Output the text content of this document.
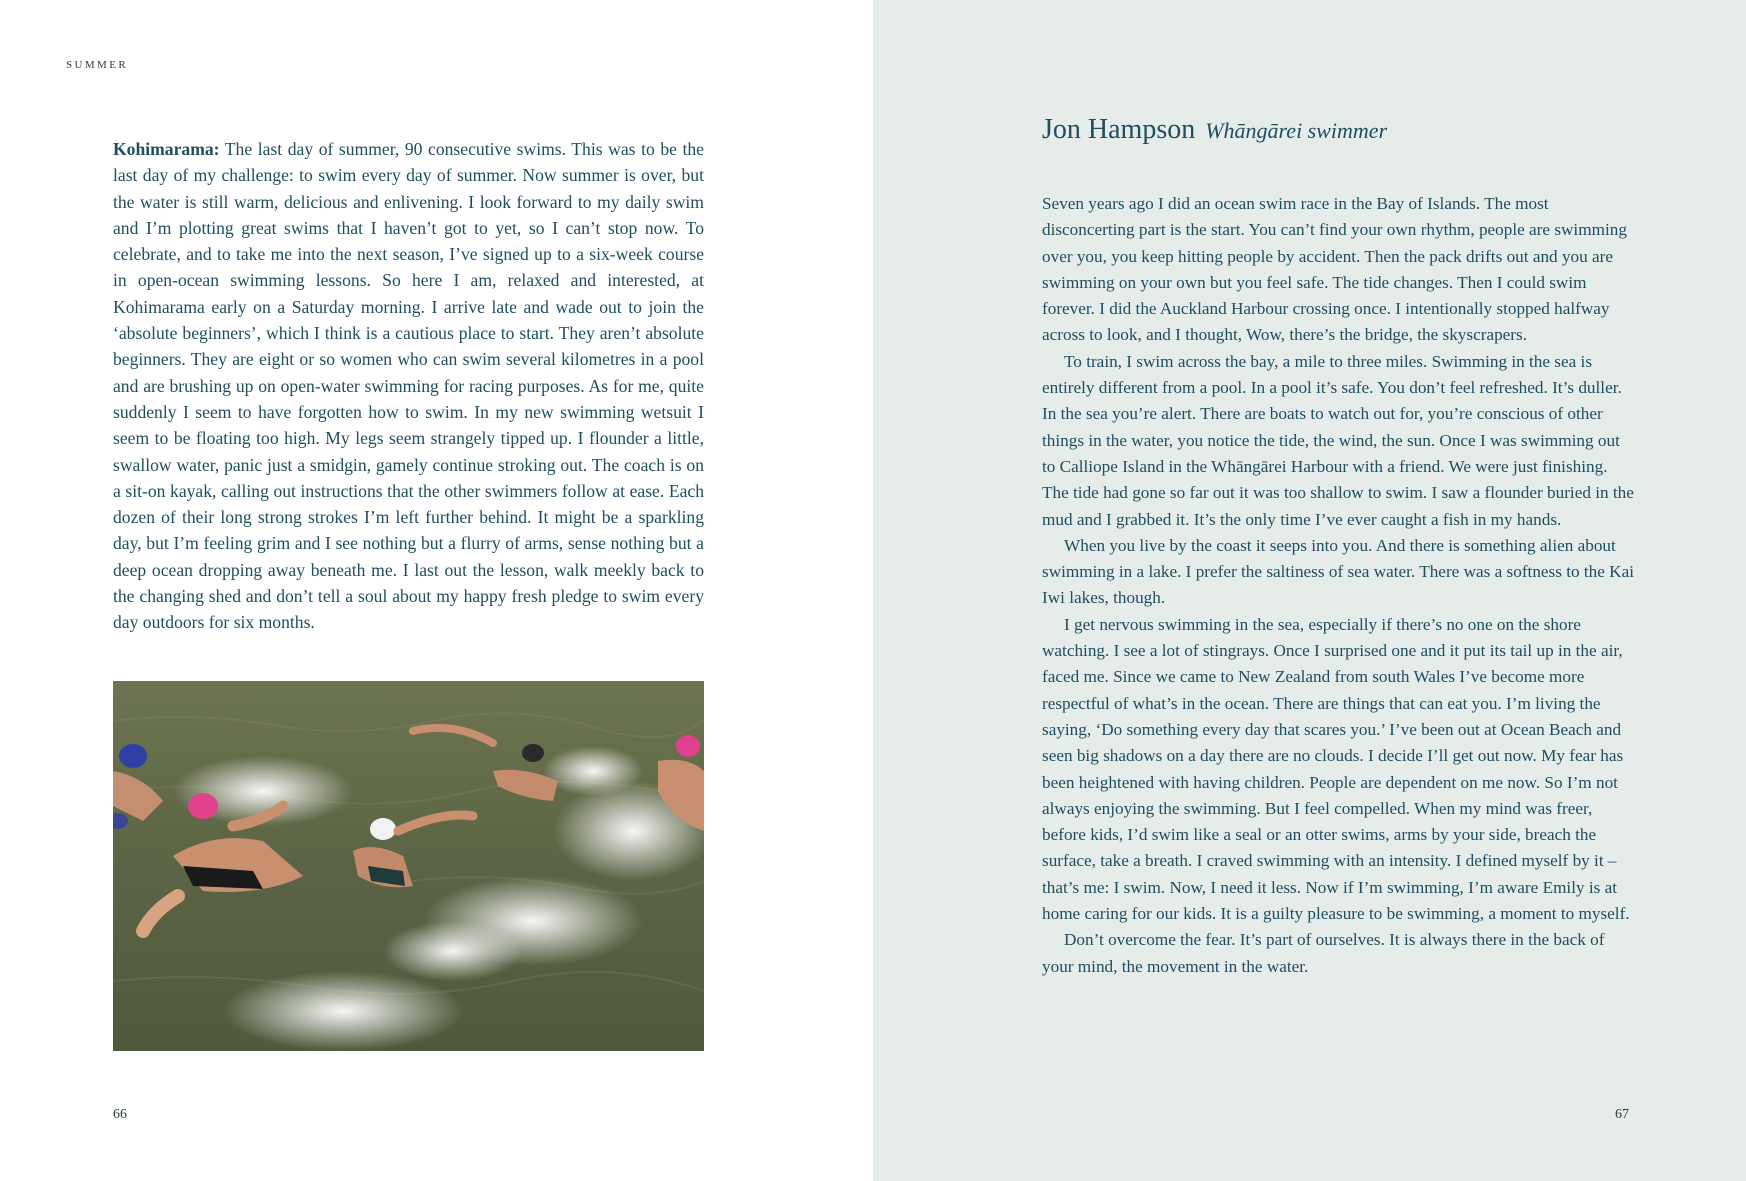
SUMMER
Kohimarama: The last day of summer, 90 consecutive swims. This was to be the last day of my challenge: to swim every day of summer. Now summer is over, but the water is still warm, delicious and enlivening. I look forward to my daily swim and I’m plotting great swims that I haven’t got to yet, so I can’t stop now. To celebrate, and to take me into the next season, I’ve signed up to a six-week course in open-ocean swimming lessons. So here I am, relaxed and interested, at Kohimarama early on a Saturday morning. I arrive late and wade out to join the ‘absolute beginners’, which I think is a cautious place to start. They aren’t absolute beginners. They are eight or so women who can swim several kilometres in a pool and are brushing up on open-water swimming for racing purposes. As for me, quite suddenly I seem to have forgotten how to swim. In my new swimming wetsuit I seem to be floating too high. My legs seem strangely tipped up. I flounder a little, swallow water, panic just a smidgin, gamely continue stroking out. The coach is on a sit-on kayak, calling out instructions that the other swimmers follow at ease. Each dozen of their long strong strokes I’m left further behind. It might be a sparkling day, but I’m feeling grim and I see nothing but a flurry of arms, sense nothing but a deep ocean dropping away beneath me. I last out the lesson, walk meekly back to the changing shed and don’t tell a soul about my happy fresh pledge to swim every day outdoors for six months.
66
Jon Hampson Whāngārei swimmer

Seven years ago I did an ocean swim race in the Bay of Islands. The most disconcerting part is the start. You can’t find your own rhythm, people are swimming over you, you keep hitting people by accident. Then the pack drifts out and you are swimming on your own but you feel safe. The tide changes. Then I could swim forever. I did the Auckland Harbour crossing once. I intentionally stopped halfway across to look, and I thought, Wow, there’s the bridge, the skyscrapers.

To train, I swim across the bay, a mile to three miles. Swimming in the sea is entirely different from a pool. In a pool it’s safe. You don’t feel refreshed. It’s duller. In the sea you’re alert. There are boats to watch out for, you’re conscious of other things in the water, you notice the tide, the wind, the sun. Once I was swimming out to Calliope Island in the Whāngārei Harbour with a friend. We were just finishing. The tide had gone so far out it was too shallow to swim. I saw a flounder buried in the mud and I grabbed it. It’s the only time I’ve ever caught a fish in my hands.

When you live by the coast it seeps into you. And there is something alien about swimming in a lake. I prefer the saltiness of sea water. There was a softness to the Kai Iwi lakes, though.

I get nervous swimming in the sea, especially if there’s no one on the shore watching. I see a lot of stingrays. Once I surprised one and it put its tail up in the air, faced me. Since we came to New Zealand from south Wales I’ve become more respectful of what’s in the ocean. There are things that can eat you. I’m living the saying, ‘Do something every day that scares you.’ I’ve been out at Ocean Beach and seen big shadows on a day there are no clouds. I decide I’ll get out now. My fear has been heightened with having children. People are dependent on me now. So I’m not always enjoying the swimming. But I feel compelled. When my mind was freer, before kids, I’d swim like a seal or an otter swims, arms by your side, breach the surface, take a breath. I craved swimming with an intensity. I defined myself by it – that’s me: I swim. Now, I need it less. Now if I’m swimming, I’m aware Emily is at home caring for our kids. It is a guilty pleasure to be swimming, a moment to myself.

Don’t overcome the fear. It’s part of ourselves. It is always there in the back of your mind, the movement in the water.

67
